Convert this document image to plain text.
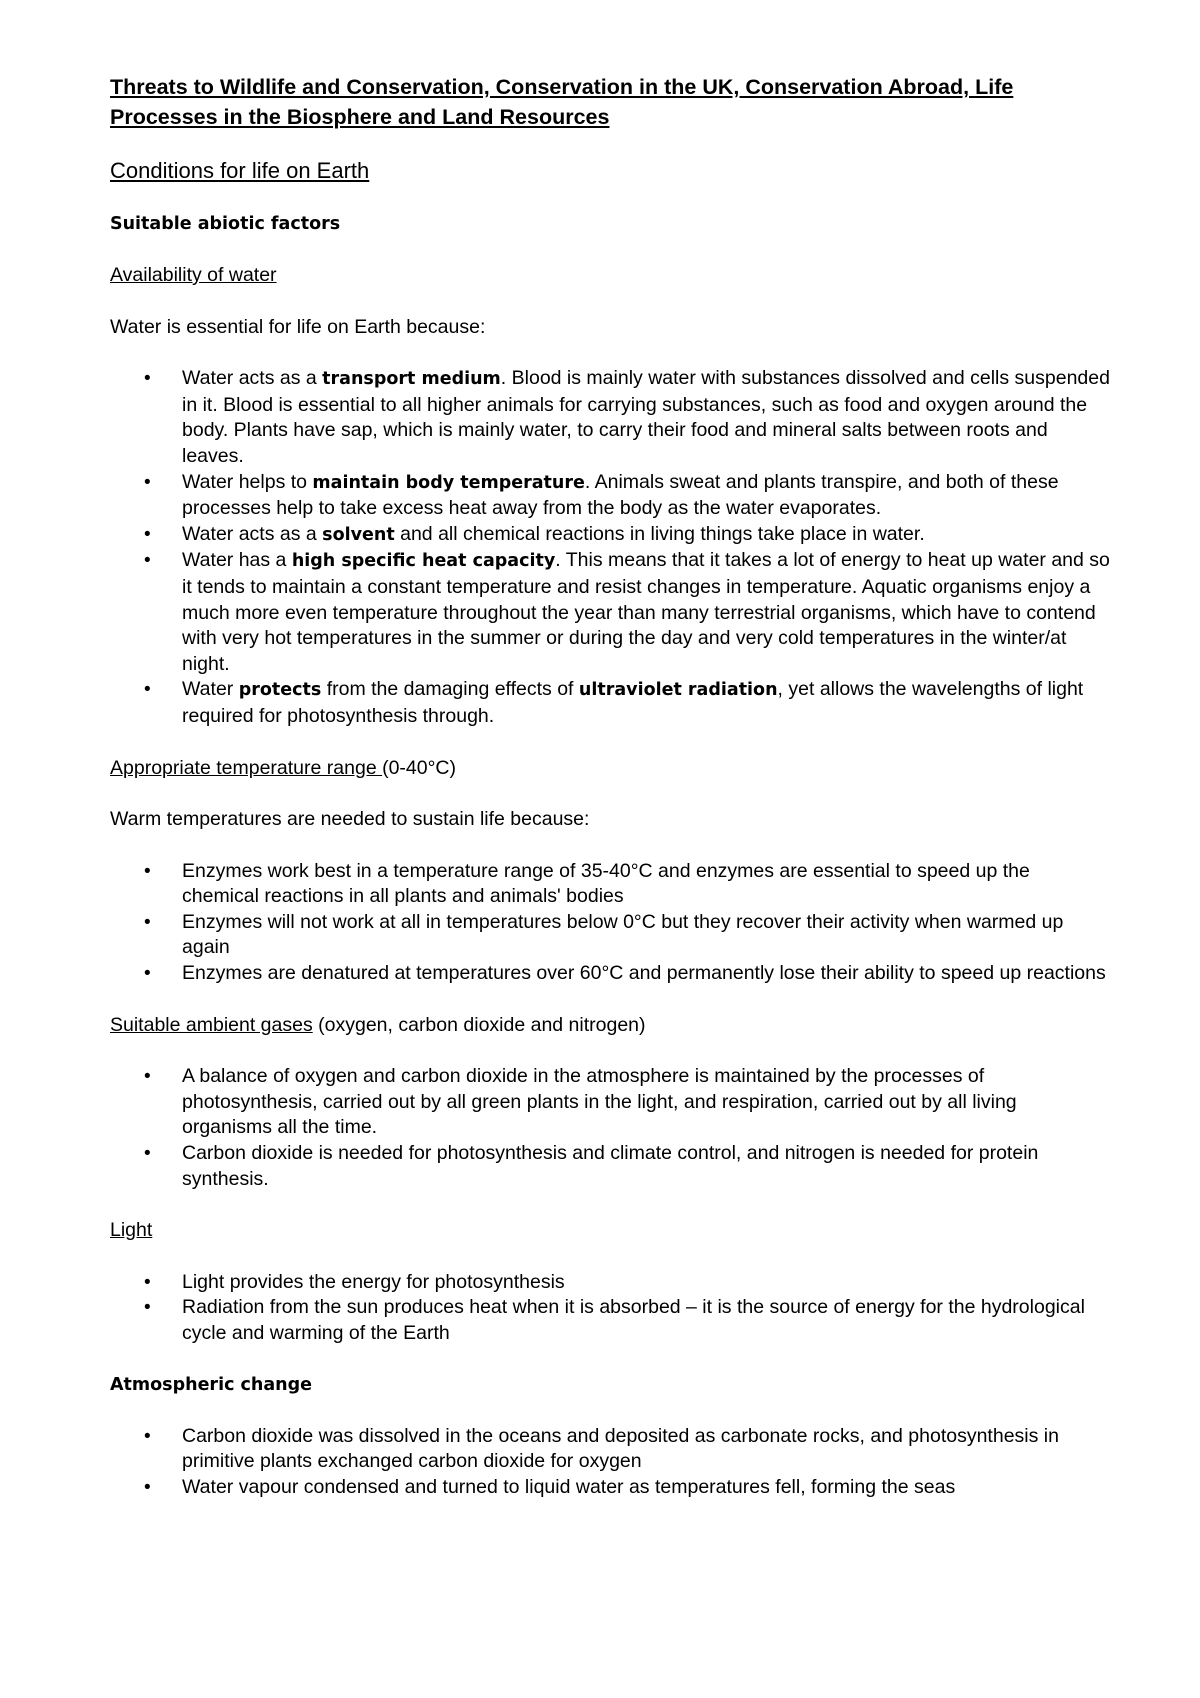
Threats to Wildlife and Conservation, Conservation in the UK, Conservation Abroad, Life Processes in the Biosphere and Land Resources
Conditions for life on Earth
Suitable abiotic factors
Availability of water
Water is essential for life on Earth because:
• Water acts as a transport medium. Blood is mainly water with substances dissolved and cells suspended in it. Blood is essential to all higher animals for carrying substances, such as food and oxygen around the body. Plants have sap, which is mainly water, to carry their food and mineral salts between roots and leaves.
• Water helps to maintain body temperature. Animals sweat and plants transpire, and both of these processes help to take excess heat away from the body as the water evaporates.
• Water acts as a solvent and all chemical reactions in living things take place in water.
• Water has a high specific heat capacity. This means that it takes a lot of energy to heat up water and so it tends to maintain a constant temperature and resist changes in temperature. Aquatic organisms enjoy a much more even temperature throughout the year than many terrestrial organisms, which have to contend with very hot temperatures in the summer or during the day and very cold temperatures in the winter/at night.
• Water protects from the damaging effects of ultraviolet radiation, yet allows the wavelengths of light required for photosynthesis through.
Appropriate temperature range (0-40°C)
Warm temperatures are needed to sustain life because:
• Enzymes work best in a temperature range of 35-40°C and enzymes are essential to speed up the chemical reactions in all plants and animals' bodies
• Enzymes will not work at all in temperatures below 0°C but they recover their activity when warmed up again
• Enzymes are denatured at temperatures over 60°C and permanently lose their ability to speed up reactions
Suitable ambient gases (oxygen, carbon dioxide and nitrogen)
• A balance of oxygen and carbon dioxide in the atmosphere is maintained by the processes of photosynthesis, carried out by all green plants in the light, and respiration, carried out by all living organisms all the time.
• Carbon dioxide is needed for photosynthesis and climate control, and nitrogen is needed for protein synthesis.
Light
• Light provides the energy for photosynthesis
• Radiation from the sun produces heat when it is absorbed – it is the source of energy for the hydrological cycle and warming of the Earth
Atmospheric change
• Carbon dioxide was dissolved in the oceans and deposited as carbonate rocks, and photosynthesis in primitive plants exchanged carbon dioxide for oxygen
• Water vapour condensed and turned to liquid water as temperatures fell, forming the seas
